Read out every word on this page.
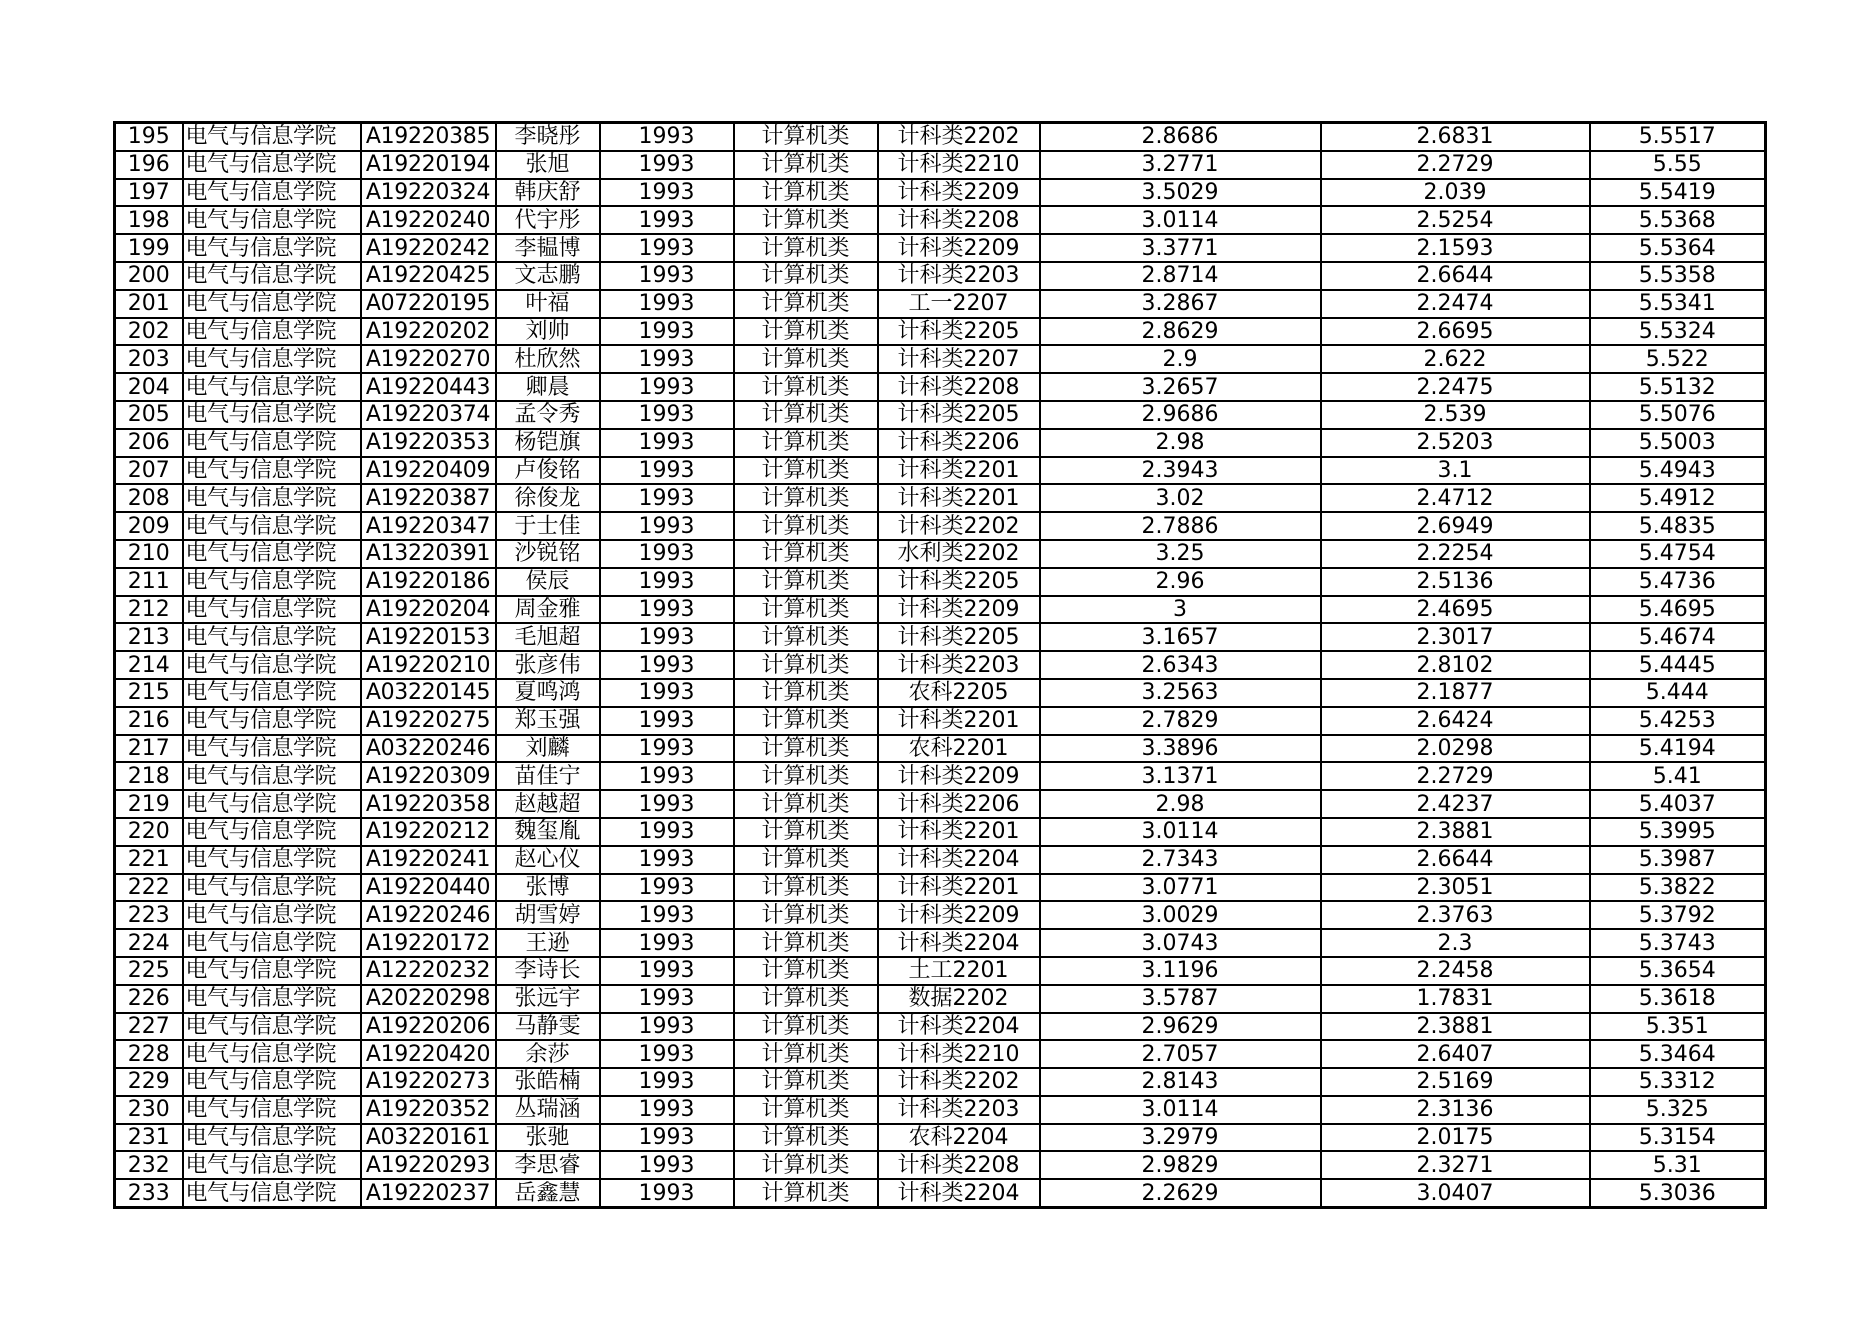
195	电气与信息学院	A19220385	李晓彤	1993	计算机类	计科类2202	2.8686	2.6831	5.5517
196	电气与信息学院	A19220194	张旭	1993	计算机类	计科类2210	3.2771	2.2729	5.55
197	电气与信息学院	A19220324	韩庆舒	1993	计算机类	计科类2209	3.5029	2.039	5.5419
198	电气与信息学院	A19220240	代宇彤	1993	计算机类	计科类2208	3.0114	2.5254	5.5368
199	电气与信息学院	A19220242	李韫博	1993	计算机类	计科类2209	3.3771	2.1593	5.5364
200	电气与信息学院	A19220425	文志鹏	1993	计算机类	计科类2203	2.8714	2.6644	5.5358
201	电气与信息学院	A07220195	叶福	1993	计算机类	工一2207	3.2867	2.2474	5.5341
202	电气与信息学院	A19220202	刘帅	1993	计算机类	计科类2205	2.8629	2.6695	5.5324
203	电气与信息学院	A19220270	杜欣然	1993	计算机类	计科类2207	2.9	2.622	5.522
204	电气与信息学院	A19220443	卿晨	1993	计算机类	计科类2208	3.2657	2.2475	5.5132
205	电气与信息学院	A19220374	孟令秀	1993	计算机类	计科类2205	2.9686	2.539	5.5076
206	电气与信息学院	A19220353	杨铠旗	1993	计算机类	计科类2206	2.98	2.5203	5.5003
207	电气与信息学院	A19220409	卢俊铭	1993	计算机类	计科类2201	2.3943	3.1	5.4943
208	电气与信息学院	A19220387	徐俊龙	1993	计算机类	计科类2201	3.02	2.4712	5.4912
209	电气与信息学院	A19220347	于士佳	1993	计算机类	计科类2202	2.7886	2.6949	5.4835
210	电气与信息学院	A13220391	沙锐铭	1993	计算机类	水利类2202	3.25	2.2254	5.4754
211	电气与信息学院	A19220186	侯辰	1993	计算机类	计科类2205	2.96	2.5136	5.4736
212	电气与信息学院	A19220204	周金雅	1993	计算机类	计科类2209	3	2.4695	5.4695
213	电气与信息学院	A19220153	毛旭超	1993	计算机类	计科类2205	3.1657	2.3017	5.4674
214	电气与信息学院	A19220210	张彦伟	1993	计算机类	计科类2203	2.6343	2.8102	5.4445
215	电气与信息学院	A03220145	夏鸣鸿	1993	计算机类	农科2205	3.2563	2.1877	5.444
216	电气与信息学院	A19220275	郑玉强	1993	计算机类	计科类2201	2.7829	2.6424	5.4253
217	电气与信息学院	A03220246	刘麟	1993	计算机类	农科2201	3.3896	2.0298	5.4194
218	电气与信息学院	A19220309	苗佳宁	1993	计算机类	计科类2209	3.1371	2.2729	5.41
219	电气与信息学院	A19220358	赵越超	1993	计算机类	计科类2206	2.98	2.4237	5.4037
220	电气与信息学院	A19220212	魏玺胤	1993	计算机类	计科类2201	3.0114	2.3881	5.3995
221	电气与信息学院	A19220241	赵心仪	1993	计算机类	计科类2204	2.7343	2.6644	5.3987
222	电气与信息学院	A19220440	张博	1993	计算机类	计科类2201	3.0771	2.3051	5.3822
223	电气与信息学院	A19220246	胡雪婷	1993	计算机类	计科类2209	3.0029	2.3763	5.3792
224	电气与信息学院	A19220172	王逊	1993	计算机类	计科类2204	3.0743	2.3	5.3743
225	电气与信息学院	A12220232	李诗长	1993	计算机类	土工2201	3.1196	2.2458	5.3654
226	电气与信息学院	A20220298	张远宇	1993	计算机类	数据2202	3.5787	1.7831	5.3618
227	电气与信息学院	A19220206	马静雯	1993	计算机类	计科类2204	2.9629	2.3881	5.351
228	电气与信息学院	A19220420	余莎	1993	计算机类	计科类2210	2.7057	2.6407	5.3464
229	电气与信息学院	A19220273	张皓楠	1993	计算机类	计科类2202	2.8143	2.5169	5.3312
230	电气与信息学院	A19220352	丛瑞涵	1993	计算机类	计科类2203	3.0114	2.3136	5.325
231	电气与信息学院	A03220161	张驰	1993	计算机类	农科2204	3.2979	2.0175	5.3154
232	电气与信息学院	A19220293	李思睿	1993	计算机类	计科类2208	2.9829	2.3271	5.31
233	电气与信息学院	A19220237	岳鑫慧	1993	计算机类	计科类2204	2.2629	3.0407	5.3036
